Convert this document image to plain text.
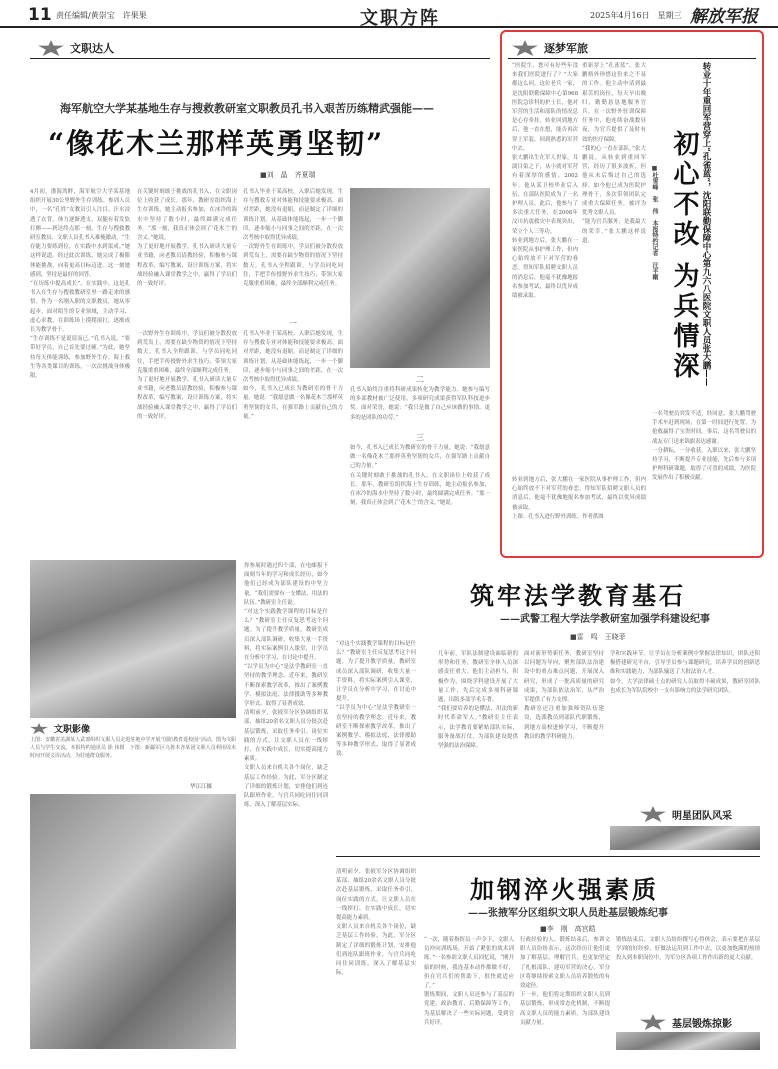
11 责任编辑/黄崇宝　许果果	文职方阵	2025年4月16日　星期三 解放军报
文职达人
海军航空大学某基地生存与搜救教研室文职教员孔书入艰苦历练精武强能——
“像花木兰那样英勇坚韧”
■刘　晶　齐夏瑞

4月初，渤海湾畔，海军航空大学某基地组织开展30公里野外生存训练。参训人员中，一名“孔姓”女教员引人注目。汗水浸透了衣背，体力逐渐透支，双腿有着发软打颤——到达终点那一刻，生存与搜救教研室教员、文职人员孔书入难掩激动。“生存能力要练到位，在实践中水到渠成。”她这样说道。经过此次训练，她完成了极限体能挑战，向着更高目标迈进。这一刻她感到，坚持是最好的回答。

“在历练中提高成长”，在实践中，这是孔书入在生存与搜救教研室里一路走来的感悟。作为一名刚入职的文职教员，她从零起步，面对陌生的专业领域，主动学习、虚心求教，在训练场上摸爬滚打，逐渐成长为教学骨干。

“生存训练不是说说而已。”孔书入说，“要带好学员，自己首先要过硬。”为此，她坚持每天体能训练，参加野外生存、海上救生等各类课目的训练，一次次挑战身体极限。

在关键时刻敢于挑战的孔书入，在文职岗位上收获了成长。那年，教研室组织海上生存训练，她主动报名参加，在冰冷的海水中坚持了数小时，最终圆满完成任务。“那一刻，我真正体会到了‘花木兰’的含义。”她说。

为了更好地开展教学，孔书入研读大量专业书籍，向老教员请教经验，积极参与课程改革，编写教案，设计训练方案，将实战经验融入课堂教学之中，赢得了学员们的一致好评。

孔书入毕业于某高校，入职后她发现，生存与搜救专业对体能和技能要求极高。面对差距，她没有退缩，而是制定了详细的训练计划，从基础体能练起，一步一个脚印，逐步缩小与同事之间的差距，在一次次考核中取得优异成绩。

一次野外生存训练中，学员们被分散投放到荒岛上，需要在缺少物资的情况下坚持数天。孔书入全程跟训，与学员同吃同住，手把手传授野外求生技巧，带领大家克服重重困难，最终全部顺利完成任务。

一

一次野外生存训练中，学员们被分散投放到荒岛上，需要在缺少物资的情况下坚持数天。孔书入全程跟训，与学员同吃同住，手把手传授野外求生技巧，带领大家克服重重困难，最终全部顺利完成任务。

为了更好地开展教学，孔书入研读大量专业书籍，向老教员请教经验，积极参与课程改革，编写教案，设计训练方案，将实战经验融入课堂教学之中，赢得了学员们的一致好评。

孔书入毕业于某高校，入职后她发现，生存与搜救专业对体能和技能要求极高。面对差距，她没有退缩，而是制定了详细的训练计划，从基础体能练起，一步一个脚印，逐步缩小与同事之间的差距，在一次次考核中取得优异成绩。

如今，孔书入已成长为教研室的骨干力量。她说：“我愿意做一名像花木兰那样英勇坚韧的女兵，在强军路上贡献自己的力量。”

二

孔书入始终注重将科研成果转化为教学能力。她参与编写的多部教材被广泛使用，多项研究成果获得军队科技进步奖。面对荣誉，她说：“我只是做了自己应该做的事情，更多的是团队的功劳。”

三

如今，孔书入已成长为教研室的骨干力量。她说：“我愿意做一名像花木兰那样英勇坚韧的女兵，在强军路上贡献自己的力量。”

在关键时刻敢于挑战的孔书入，在文职岗位上收获了成长。那年，教研室组织海上生存训练，她主动报名参加，在冰冷的海水中坚持了数小时，最终圆满完成任务。“那一刻，我真正体会到了‘花木兰’的含义。”她说。

逐梦军旅
转业十年重回军营穿上“孔雀蓝”，沈阳联勤保障中心第九六八医院文职人员张大鹏——
初心不改
为兵情深
■杜雪峰　张　伟　本报特约记者　汪平剛

“医院生，您可有好些年没来我们医院进行了？”大家都这么问。这位老兵一家，是沈阳联勤保障中心第968医院急诊科的护士长，他对军营的生活和部队的情况总是心存牵挂。转业回到地方后，他一直在想，能否再次穿上军装，回到熟悉的军营中去。

张大鹏出生在军人世家，耳濡目染之下，从小就对军营有着深厚的感情。2002年，他从某卫校毕业后入伍，在部队医院成为了一名护理人员。此后，他参与了多次重大任务，在2008年汶川抗震救灾中表现突出，荣立个人三等功。

转业到地方后，张大鹏在一家医院从事护理工作，但内心始终放不下对军营的眷恋。得知军队招聘文职人员的消息后，他毫不犹豫地报名参加考试，最终以优异成绩被录取。

重新穿上“孔雀蓝”，张大鹏格外珍惜这份来之不易的工作。他主动申请到最艰苦的岗位，每天早出晚归，勤勤恳恳地服务官兵。在一次野外驻训保障任务中，他连续奋战数昼夜，为官兵提供了及时有效的医疗保障。

“我的心一直在部队。”张大鹏说，从转业到重回军营，经历了很多波折，但他从未后悔过自己的选择。如今他已成为医院护理骨干，多次带领团队完成重大保障任务，被评为优秀文职人员。

“能为官兵服务，是我最大的荣幸。”张大鹏这样说道。

转业到地方后，张大鹏在一家医院从事护理工作，但内心始终放不下对军营的眷恋。得知军队招聘文职人员的消息后，他毫不犹豫地报名参加考试，最终以优异成绩被录取。

上图：孔书入进行野外训练。作者供图

一名驾驶员突发不适，经同意，张大鹏驾驶手术车赶到现场，在第一时间进行处置，为抢救赢得了宝贵时间。事后，这名驾驶员的战友专门送来锦旗表达感谢。

一分耕耘，一分收获。入职以来，张大鹏坚持学习，不断提升专业技能，先后参与多项护理科研课题，取得了可喜的成绩，为医院发展作出了积极贡献。

文职影像

上图：安徽省芜湖某人武部组织文职人员走进驻地中学开展“国防教育进校园”活动。图为文职人员与学生交流。本报特约通讯员 徐 伟摄　下图：新疆军区乌鲁木齐某团文职人员利用周末时间开展义诊活动，为驻地群众服务。

华江江摄

你参展时遇过四个部，在电邮报下面刻当年的学习和成长经历，如今他们已经成为部队建设的中坚力量。“我们需要有一支懂法、用法的队伍。”教研室主任说。

“对这个实践教学课程的目标是什么？”教研室主任反复思考这个问题。为了提升教学质量，教研室成员深入部队调研，收集大量一手资料，将实际案例引入课堂，让学员在分析中学习，在讨论中提升。

“以学员为中心”是法学教研室一直坚持的教学理念。近年来，教研室不断探索教学改革，推出了案例教学、模拟法庭、法律援助等多种教学形式，取得了显著成效。

清明前夕，张掖军分区协调组织某部，抽组20余名文职人员分批次赴基层锻炼，采取任务牵引、岗位实践的方式，让文职人员在一线摔打、在实践中成长，切实提高能力素质。

文职人员来自机关各个岗位，缺乏基层工作经验。为此，军分区制定了详细的锻炼计划，安排他们到连队跟班作业，与官兵同吃同住同训练，深入了解基层实际。

筑牢法学教育基石
——武警工程大学法学教研室加强学科建设纪事
■雷　鸣　王晓菲

“对这个实践教学课程的目标是什么？”教研室主任反复思考这个问题。为了提升教学质量，教研室成员深入部队调研，收集大量一手资料，将实际案例引入课堂，让学员在分析中学习，在讨论中提升。

“以学员为中心”是法学教研室一直坚持的教学理念。近年来，教研室不断探索教学改革，推出了案例教学、模拟法庭、法律援助等多种教学形式，取得了显著成效。

几年前，军队法制建设面临新的形势和任务，教研室全体人员深感责任重大。他们主动担当，积极作为，围绕学科建设开展了大量工作，先后完成多项科研课题，出版多部学术专著。

“我们要培养的是懂法、用法的新时代革命军人。”教研室主任表示，法学教育要紧贴部队实际，服务备战打仗，为部队建设提供坚强的法治保障。

面对新形势新任务，教研室坚持以问题为导向，聚焦部队法治建设中的重点难点问题，开展深入研究，形成了一批高质量的研究成果，为部队依法治军、从严治军提供了有力支撑。

教研室还注重加强师资队伍建设，选派教员到部队代职锻炼，到地方高校进修学习，不断提升教员的教学科研能力。

学和实践环节。让学员在分析案例中掌握法律知识，团队还积极搭建研究平台，引导学员参与课题研究，培养学员的创新思维和实践能力，为部队输送了大批法治人才。

如今，大学法律硕士点的研究人员取得丰硕成果，教研室团队也成长为军队院校中一支有影响力的法学研究团队。

明星团队风采
加钢淬火强素质
——张掖军分区组织文职人员赴基层锻炼纪事
■李　刚　高宫皓

清明前夕，张掖军分区协调组织某部，抽组20余名文职人员分批次赴基层锻炼，采取任务牵引、岗位实践的方式，让文职人员在一线摔打、在实践中成长，切实提高能力素质。

文职人员来自机关各个岗位，缺乏基层工作经验。为此，军分区制定了详细的锻炼计划，安排他们到连队跟班作业，与官兵同吃同住同训练，深入了解基层实际。

“一次，随着指挥员一声令下，文职人员冲向训练场，开始了紧张的战术训练。”一名参训文职人员回忆说，“刚开始的时候，我连基本动作都做不好，但在官兵们的帮助下，很快就适应了。”

锻炼期间，文职人员还参与了基层的党建、政治教育、后勤保障等工作，为基层解决了一些实际问题，受到官兵好评。

行政经验的人。锻炼结束后，参训文职人员纷纷表示，这次经历让他们更加了解基层、理解官兵，也更加坚定了扎根部队、建功军营的决心。军分区将继续探索文职人员培养锻炼的有效途径。

下一步，他们将定期组织文职人员到基层锻炼，形成常态化机制，不断提高文职人员的能力素质，为部队建设贡献力量。

锻炼结束后，文职人员纷纷撰写心得体会，表示要把在基层学到的好经验、好做法运用到工作中去，以更加饱满的热情投入到本职岗位中，为军分区各项工作作出新的更大贡献。

基层锻炼掠影
